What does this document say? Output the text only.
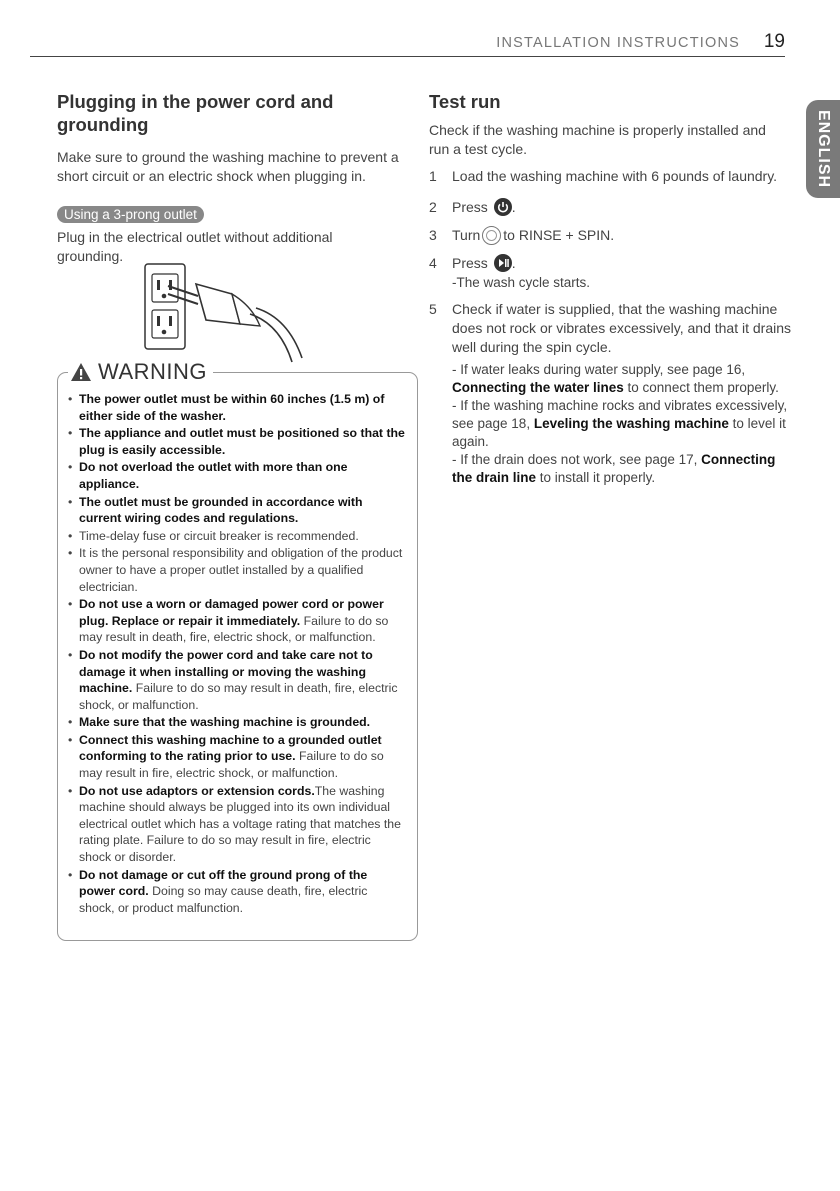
INSTALLATION INSTRUCTIONS 19
ENGLISH
Plugging in the power cord and grounding

Make sure to ground the washing machine to prevent a short circuit or an electric shock when plugging in.

Using a 3-prong outlet

Plug in the electrical outlet without additional grounding.

WARNING
• The power outlet must be within 60 inches (1.5 m) of either side of the washer.
• The appliance and outlet must be positioned so that the plug is easily accessible.
• Do not overload the outlet with more than one appliance.
• The outlet must be grounded in accordance with current wiring codes and regulations.
• Time-delay fuse or circuit breaker is recommended.
• It is the personal responsibility and obligation of the product owner to have a proper outlet installed by a qualified electrician.
• Do not use a worn or damaged power cord or power plug. Replace or repair it immediately. Failure to do so may result in death, fire, electric shock, or malfunction.
• Do not modify the power cord and take care not to damage it when installing or moving the washing machine. Failure to do so may result in death, fire, electric shock, or malfunction.
• Make sure that the washing machine is grounded.
• Connect this washing machine to a grounded outlet conforming to the rating prior to use. Failure to do so may result in fire, electric shock, or malfunction.
• Do not use adaptors or extension cords.The washing machine should always be plugged into its own individual electrical outlet which has a voltage rating that matches the rating plate. Failure to do so may result in fire, electric shock or disorder.
• Do not damage or cut off the ground prong of the power cord. Doing so may cause death, fire, electric shock, or product malfunction.
Test run

Check if the washing machine is properly installed and run a test cycle.

1 Load the washing machine with 6 pounds of laundry.
2 Press .
3 Turn to RINSE + SPIN.
4 Press .
-The wash cycle starts.
5 Check if water is supplied, that the washing machine does not rock or vibrates excessively, and that it drains well during the spin cycle.
- If water leaks during water supply, see page 16, Connecting the water lines to connect them properly.
- If the washing machine rocks and vibrates excessively, see page 18, Leveling the washing machine to level it again.
- If the drain does not work, see page 17, Connecting the drain line to install it properly.
